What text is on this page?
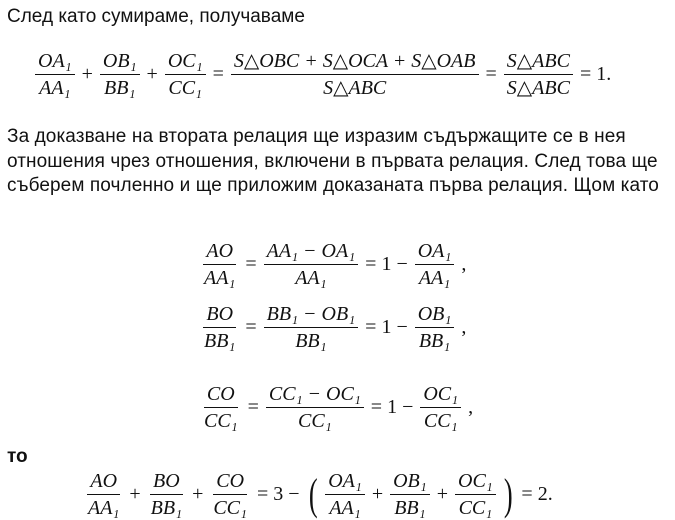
След като сумираме, получаваме

$\frac{\text{OA₁}}{\text{AA₁}} + \frac{\text{OB₁}}{\text{BB₁}} + \frac{\text{OC₁}}{\text{CC₁}} = \frac{\text{S△OBC + S△OCA + S△OAB}}{\text{S△ABC}} = \frac{\text{S△ABC}}{\text{S△ABC}} = 1$.

За доказване на втората релация ще изразим съдържащите се в нея отношения чрез отношения, включени в първата релация. След това ще съберем почленно и ще приложим доказаната първа релация. Щом като

$\frac{AO}{\text{AA₁}} = \frac{\text{AA₁ − OA₁}}{\text{AA₁}} = 1 - \frac{\text{OA₁}}{\text{AA₁}}$ ,
$\frac{BO}{\text{BB₁}} = \frac{\text{BB₁ − OB₁}}{\text{BB₁}} = 1 - \frac{\text{OB₁}}{\text{BB₁}}$ ,
$\frac{CO}{\text{CC₁}} = \frac{\text{CC₁ − OC₁}}{\text{CC₁}} = 1 - \frac{\text{OC₁}}{\text{CC₁}}$ ,

то

$\frac{AO}{\text{AA₁}} + \frac{BO}{\text{BB₁}} + \frac{CO}{\text{CC₁}} = 3$ − ( $\frac{\text{OA₁}}{\text{AA₁}} + \frac{\text{OB₁}}{\text{BB₁}} + \frac{\text{OC₁}}{\text{CC₁}}$ ) = 2.
